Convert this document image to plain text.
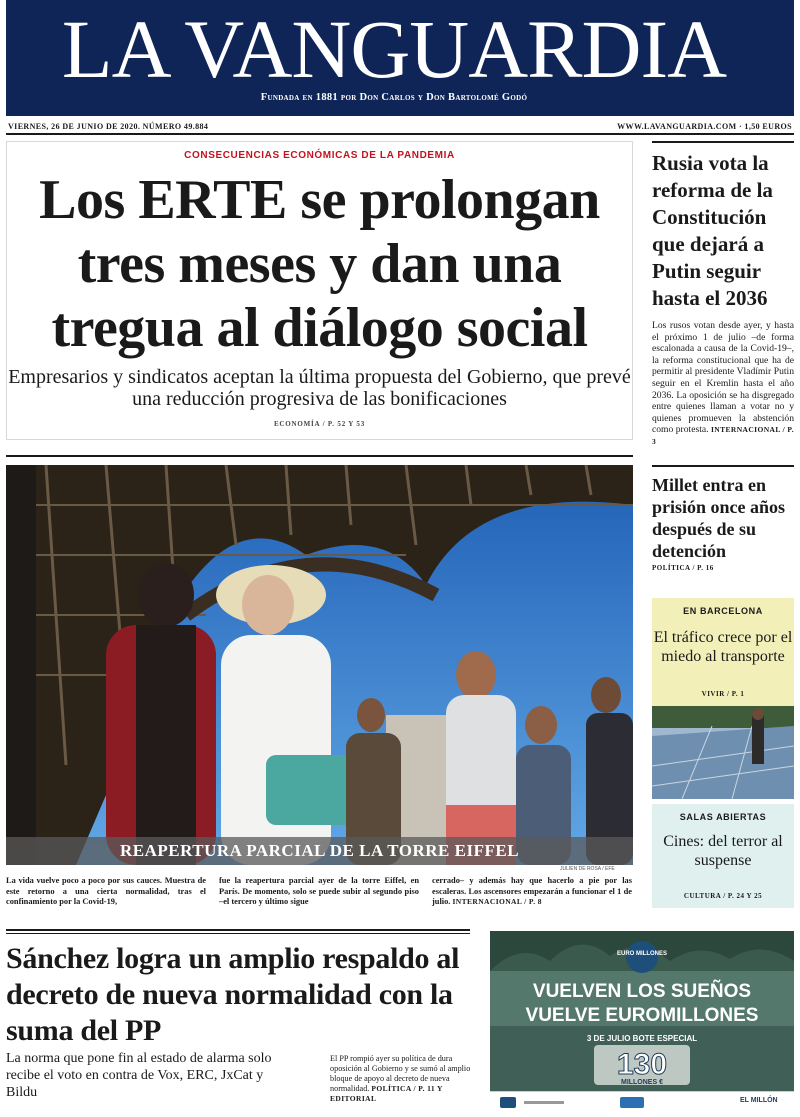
LA VANGUARDIA
Fundada en 1881 por Don Carlos y Don Bartolomé Godó
VIERNES, 26 DE JUNIO DE 2020. NÚMERO 49.884	WWW.LAVANGUARDIA.COM · 1,50 EUROS
CONSECUENCIAS ECONÓMICAS DE LA PANDEMIA
Los ERTE se prolongan tres meses y dan una tregua al diálogo social
Empresarios y sindicatos aceptan la última propuesta del Gobierno, que prevé una reducción progresiva de las bonificaciones
ECONOMÍA / P. 52 Y 53
Rusia vota la reforma de la Constitución que dejará a Putin seguir hasta el 2036
Los rusos votan desde ayer, y hasta el próximo 1 de julio –de forma escalonada a causa de la Covid-19–, la reforma constitucional que ha de permitir al presidente Vladímir Putin seguir en el Kremlin hasta el año 2036. La oposición se ha disgregado entre quienes llaman a votar no y quienes promueven la abstención como protesta. INTERNACIONAL / P. 3
REAPERTURA PARCIAL DE LA TORRE EIFFEL
JULIEN DE ROSA / EFE
La vida vuelve poco a poco por sus cauces. Muestra de este retorno a una cierta normalidad, tras el confinamiento por la Covid-19,
fue la reapertura parcial ayer de la torre Eiffel, en París. De momento, solo se puede subir al segundo piso –el tercero y último sigue
cerrado– y además hay que hacerlo a pie por las escaleras. Los ascensores empezarán a funcionar el 1 de julio. INTERNACIONAL / P. 8
Millet entra en prisión once años después de su detención
POLÍTICA / P. 16
EN BARCELONA
El tráfico crece por el miedo al transporte
VIVIR / P. 1
SALAS ABIERTAS
Cines: del terror al suspense
CULTURA / P. 24 Y 25
Sánchez logra un amplio respaldo al decreto de nueva normalidad con la suma del PP
La norma que pone fin al estado de alarma solo recibe el voto en contra de Vox, ERC, JxCat y Bildu
El PP rompió ayer su política de dura oposición al Gobierno y se sumó al amplio bloque de apoyo al decreto de nueva normalidad. POLÍTICA / P. 11 Y EDITORIAL
EURO MILLONES
VUELVEN LOS SUEÑOS
VUELVE EUROMILLONES
3 DE JULIO BOTE ESPECIAL
130
MILLONES €
EL MILLÓN
